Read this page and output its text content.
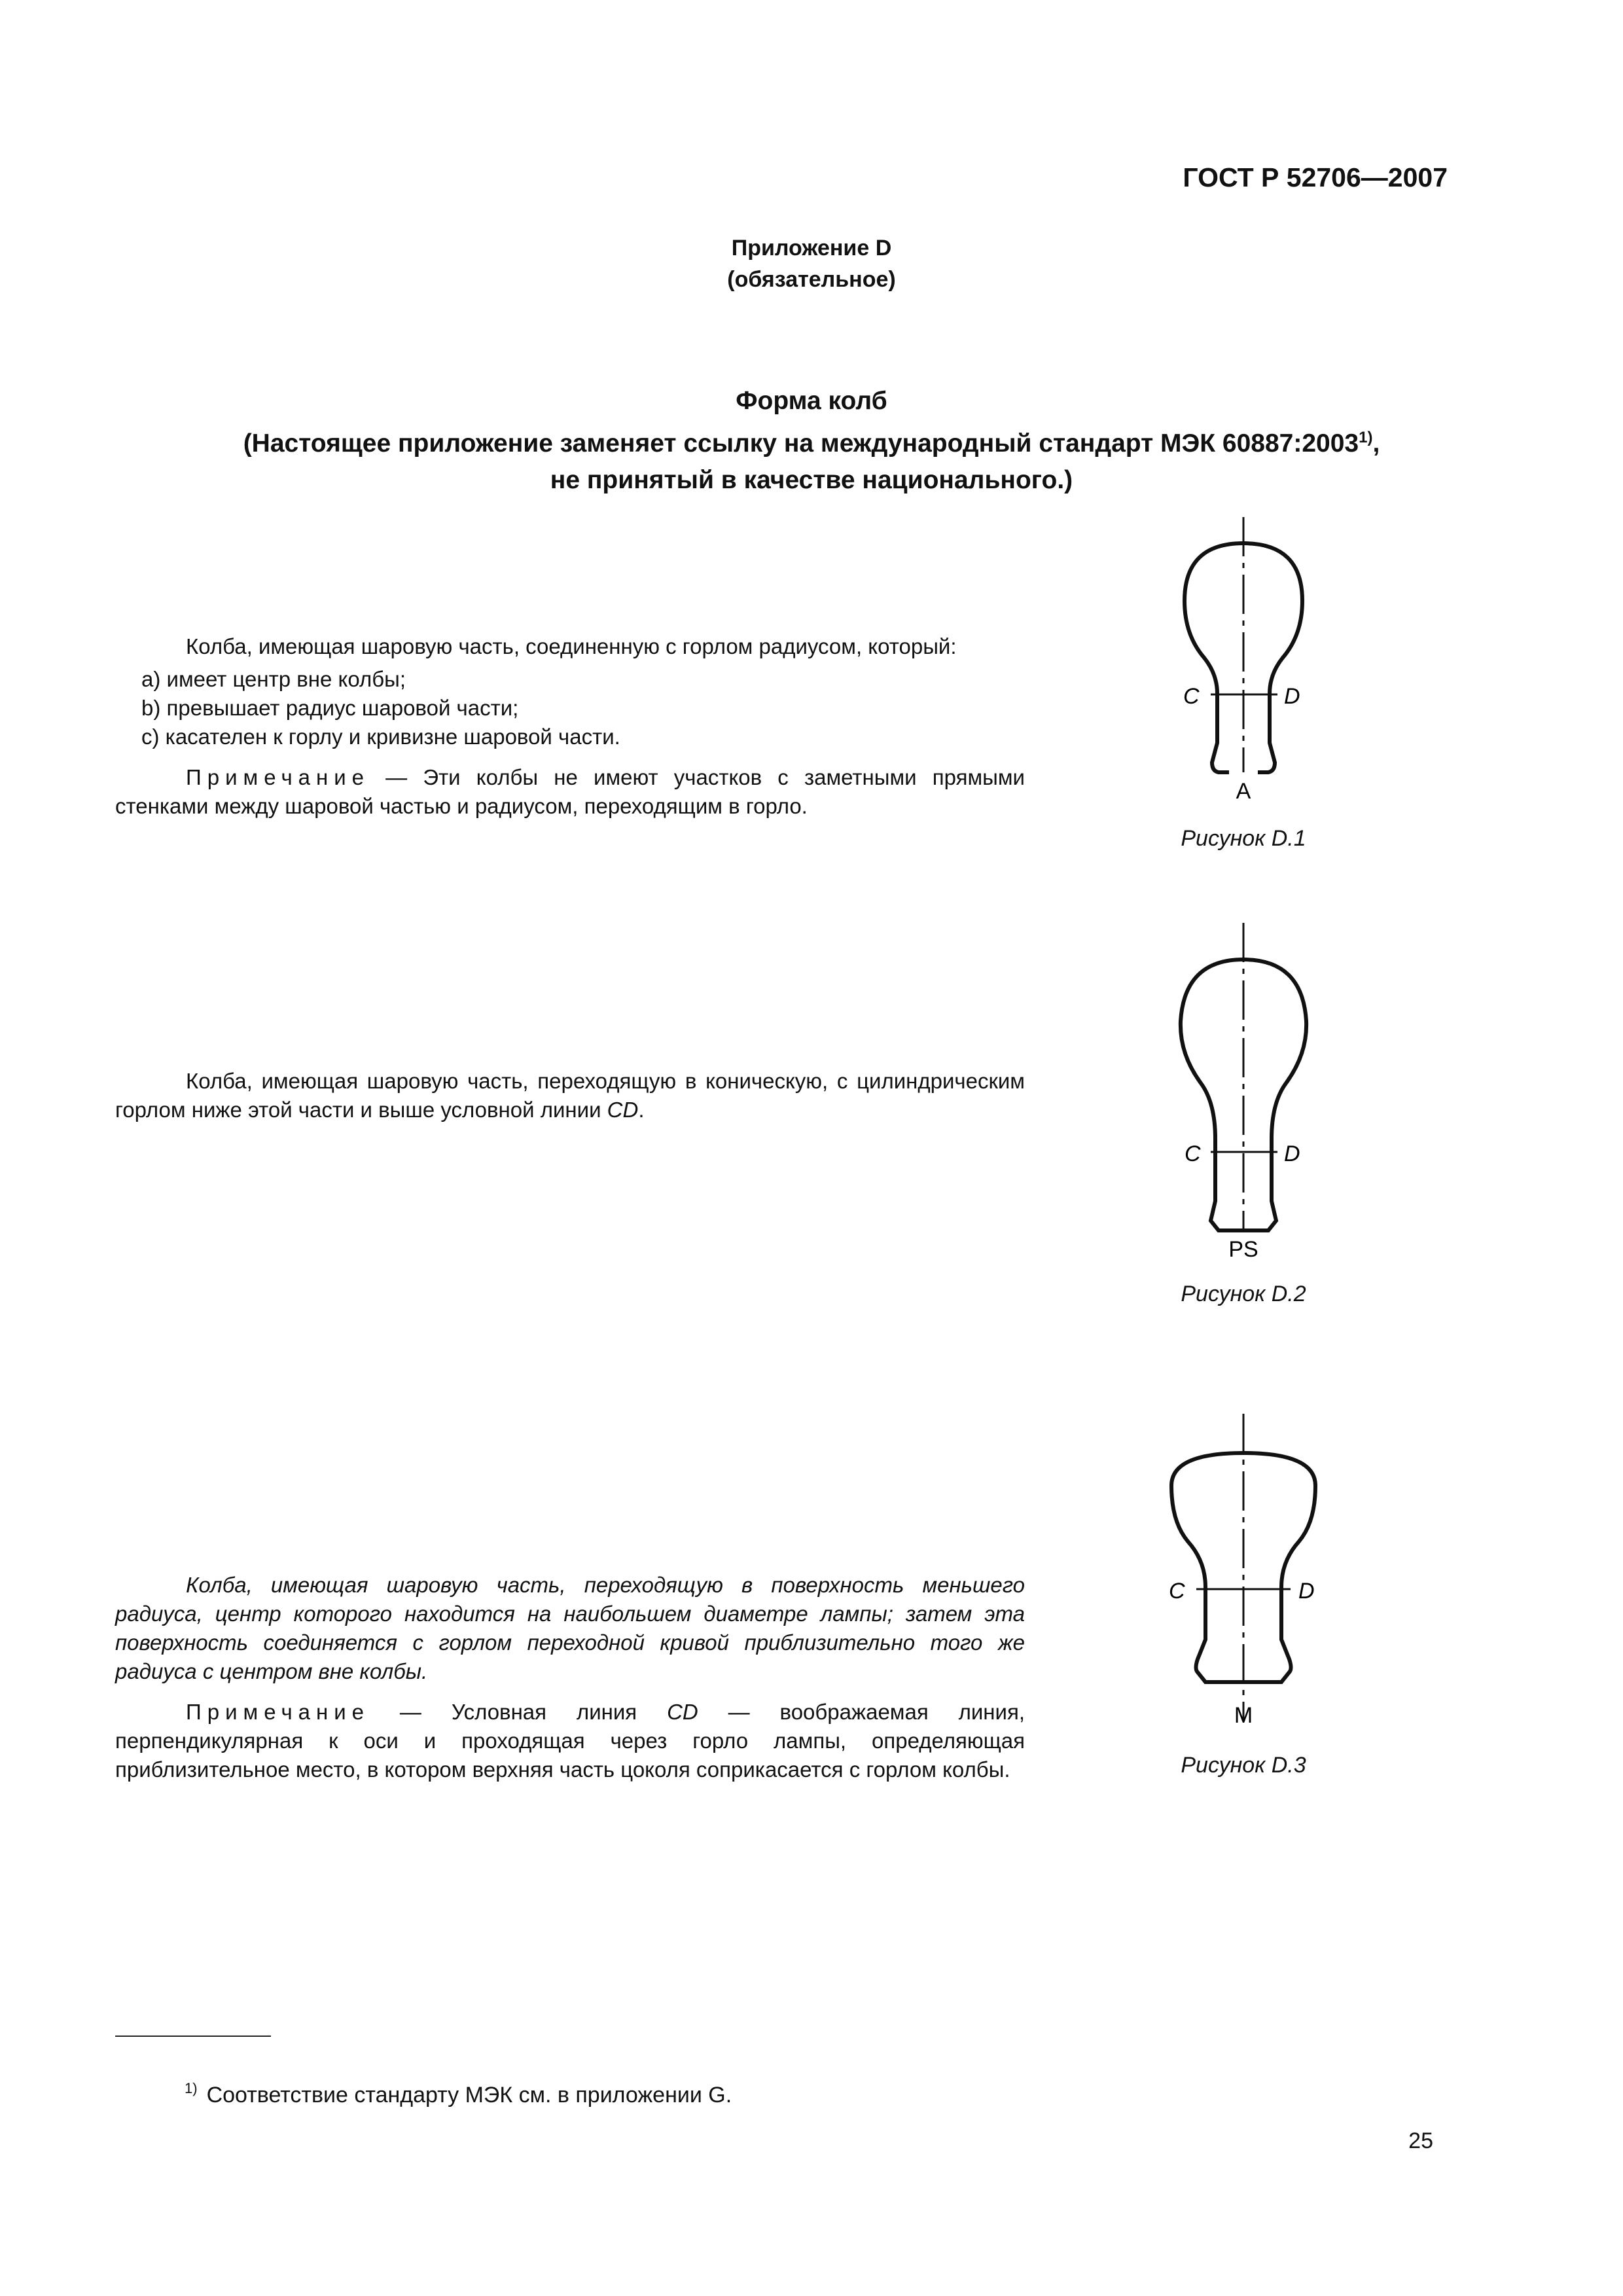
ГОСТ Р 52706—2007
Приложение D
(обязательное)
Форма колб
(Настоящее приложение заменяет ссылку на международный стандарт МЭК 60887:2003$^{1)}$,
не принятый в качестве национального.)

Колба, имеющая шаровую часть, соединенную с горлом радиусом, который:

a) имеет центр вне колбы;
b) превышает радиус шаровой части;
c) касателен к горлу и кривизне шаровой части.

Примечание — Эти колбы не имеют участков с заметными прямыми стенками между шаровой частью и радиусом, переходящим в горло.

Колба, имеющая шаровую часть, переходящую в коническую, с цилиндрическим горлом ниже этой части и выше условной линии CD.

Колба, имеющая шаровую часть, переходящую в поверхность меньшего радиуса, центр которого находится на наибольшем диаметре лампы; затем эта поверхность соединяется с горлом переходной кривой приблизительно того же радиуса с центром вне колбы.

Примечание — Условная линия CD — воображаемая линия, перпендикулярная к оси и проходящая через горло лампы, определяющая приблизительное место, в котором верхняя часть цоколя соприкасается с горлом колбы.

C	D
A
Рисунок D.1
C	D
PS
Рисунок D.2
C	D
M
Рисунок D.3
$^{1)}$ Соответствие стандарту МЭК см. в приложении G.
25
